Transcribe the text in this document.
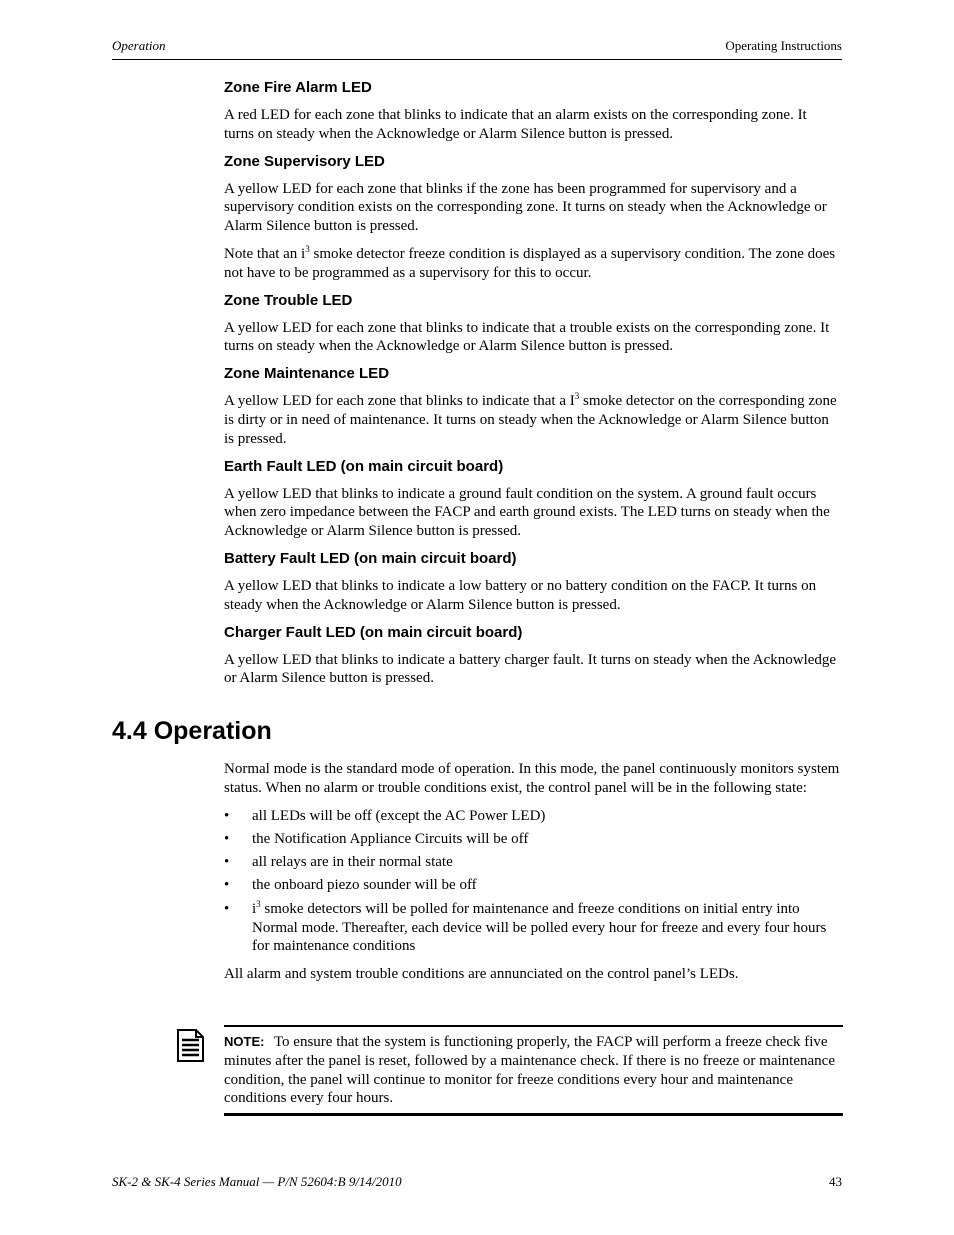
Operation	Operating Instructions
Zone Fire Alarm LED

A red LED for each zone that blinks to indicate that an alarm exists on the corresponding zone. It turns on steady when the Acknowledge or Alarm Silence button is pressed.

Zone Supervisory LED

A yellow LED for each zone that blinks if the zone has been programmed for supervisory and a supervisory condition exists on the corresponding zone. It turns on steady when the Acknowledge or Alarm Silence button is pressed.

Note that an $i^3$ smoke detector freeze condition is displayed as a supervisory condition. The zone does not have to be programmed as a supervisory for this to occur.

Zone Trouble LED

A yellow LED for each zone that blinks to indicate that a trouble exists on the corresponding zone. It turns on steady when the Acknowledge or Alarm Silence button is pressed.

Zone Maintenance LED

A yellow LED for each zone that blinks to indicate that a $I^3$ smoke detector on the corresponding zone is dirty or in need of maintenance. It turns on steady when the Acknowledge or Alarm Silence button is pressed.

Earth Fault LED (on main circuit board)

A yellow LED that blinks to indicate a ground fault condition on the system. A ground fault occurs when zero impedance between the FACP and earth ground exists. The LED turns on steady when the Acknowledge or Alarm Silence button is pressed.

Battery Fault LED (on main circuit board)

A yellow LED that blinks to indicate a low battery or no battery condition on the FACP. It turns on steady when the Acknowledge or Alarm Silence button is pressed.

Charger Fault LED (on main circuit board)

A yellow LED that blinks to indicate a battery charger fault. It turns on steady when the Acknowledge or Alarm Silence button is pressed.

4.4 Operation

Normal mode is the standard mode of operation. In this mode, the panel continuously monitors system status. When no alarm or trouble conditions exist, the control panel will be in the following state:

• all LEDs will be off (except the AC Power LED)
• the Notification Appliance Circuits will be off
• all relays are in their normal state
• the onboard piezo sounder will be off
• $i^3$ smoke detectors will be polled for maintenance and freeze conditions on initial entry into Normal mode. Thereafter, each device will be polled every hour for freeze and every four hours for maintenance conditions

All alarm and system trouble conditions are annunciated on the control panel’s LEDs.

NOTE: To ensure that the system is functioning properly, the FACP will perform a freeze check five minutes after the panel is reset, followed by a maintenance check. If there is no freeze or maintenance condition, the panel will continue to monitor for freeze conditions every hour and maintenance conditions every four hours.

SK-2 & SK-4 Series Manual — P/N 52604:B 9/14/2010	43
